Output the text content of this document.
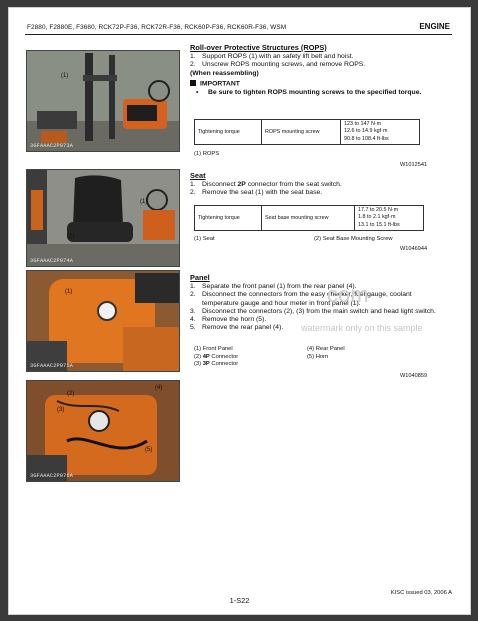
F2880, F2880E, F3680, RCK72P-F36, RCK72R-F36, RCK60P-F36, RCK60R-F36, WSM	ENGINE
(1)
3GFAAAC2P073A
(1)
(2)
3GFAAAC2P074A
(1)
3GFAAAC2P075A
(2)
(3)
(4)
(5)
3GFAAAC2P076A
Roll-over Protective Structures (ROPS)
1. Support ROPS (1) with an safety lift belt and hoist.
2. Unscrew ROPS mounting screws, and remove ROPS.
(When reassembling)
IMPORTANT
•	Be sure to tighten ROPS mounting screws to the specified torque.
Tightening torque	ROPS mounting screw	
123 to 147 N·m
12.6 to 14.9 kgf·m
90.8 to 108.4 ft-lbs
(1) ROPS
W1012541
Seat
1. Disconnect 2P connector from the seat switch.
2. Remove the seat (1) with the seat base.
Tightening torque	Seat base mounting screw	
17.7 to 20.5 N·m
1.8 to 2.1 kgf·m
13.1 to 15.1 ft-lbs
(1) Seat	(2) Seat Base Mounting Screw
W1046944
Panel
1. Separate the front panel (1) from the rear panel (4).
2. Disconnect the connectors from the easy checker, fuel gauge, coolant temperature gauge and hour meter in front panel (1).
3. Disconnect the connectors (2), (3) from the main switch and head light switch.
4. Remove the horn (5).
5. Remove the rear panel (4).
com
watermark only on this sample
(1) Front Panel
(2) 4P Connector
(3) 3P Connector
(4) Rear Panel
(5) Horn
W1040859
KISC issued 03, 2006 A
1-S22
